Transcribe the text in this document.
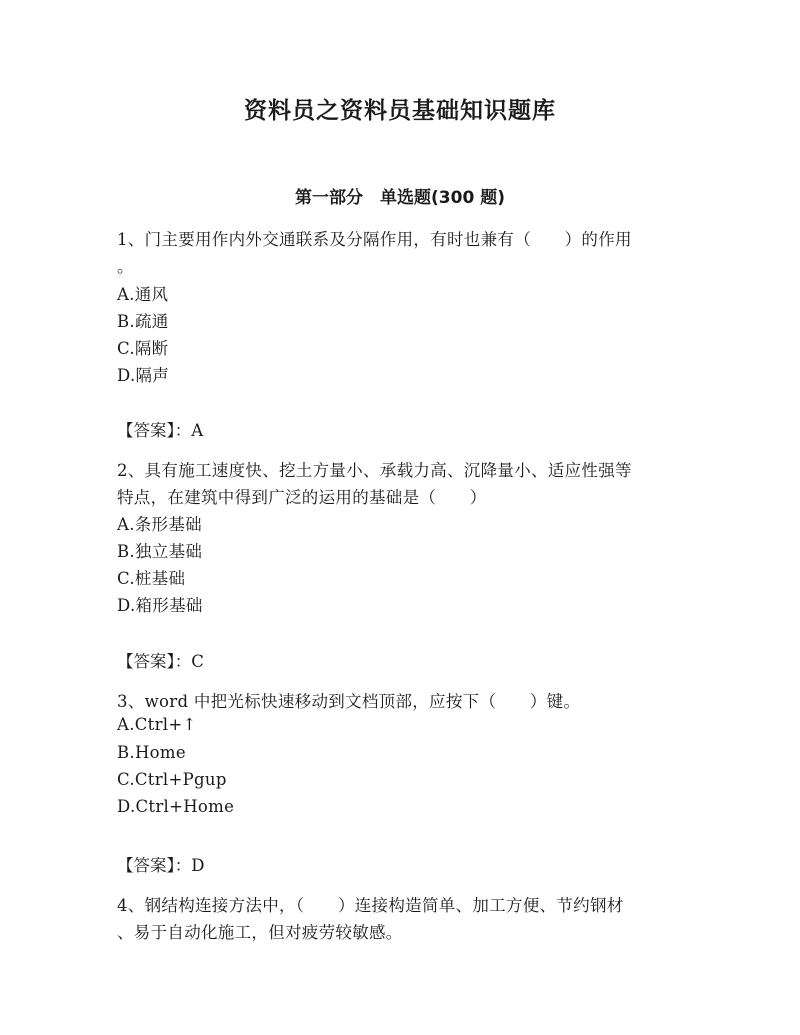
资料员之资料员基础知识题库
第一部分　单选题(300 题)
1、门主要用作内外交通联系及分隔作用，有时也兼有（　　）的作用
。
A.通风
B.疏通
C.隔断
D.隔声
【答案】：A
2、具有施工速度快、挖土方量小、承载力高、沉降量小、适应性强等
特点，在建筑中得到广泛的运用的基础是（　　）
A.条形基础
B.独立基础
C.桩基础
D.箱形基础
【答案】：C
3、word 中把光标快速移动到文档顶部，应按下（　　）键。
A.Ctrl+↑
B.Home
C.Ctrl+Pgup
D.Ctrl+Home
【答案】：D
4、钢结构连接方法中，（　　）连接构造简单、加工方便、节约钢材
、易于自动化施工，但对疲劳较敏感。
